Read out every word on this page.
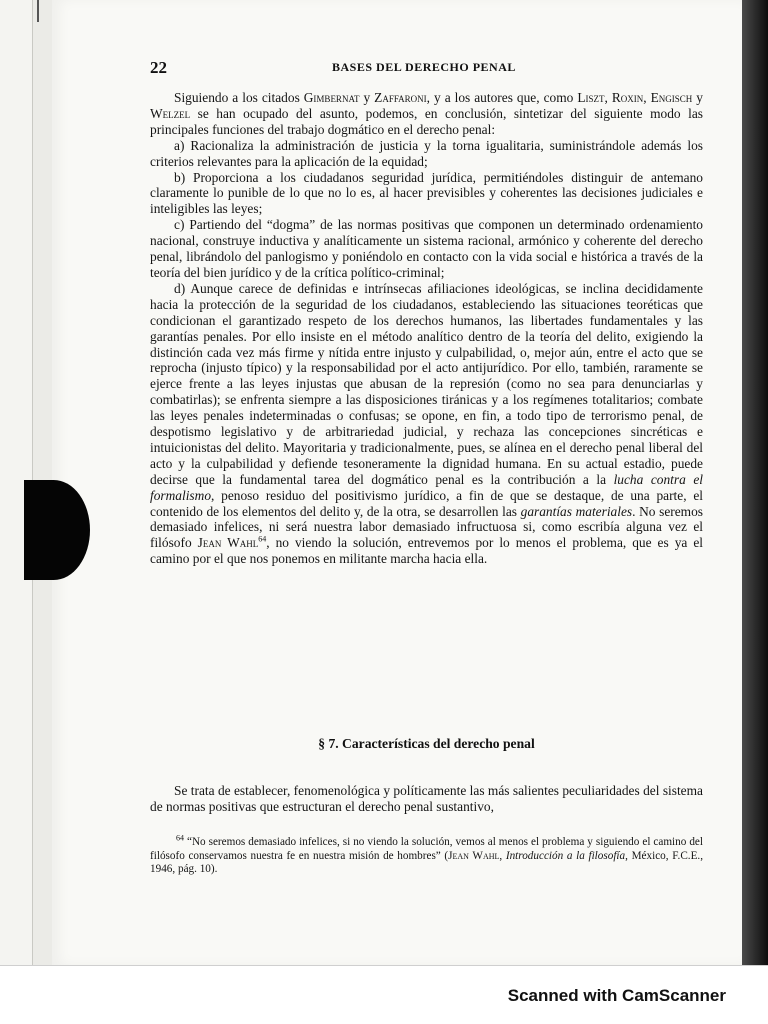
22	BASES DEL DERECHO PENAL

Siguiendo a los citados Gimbernat y Zaffaroni, y a los autores que, como Liszt, Roxin, Engisch y Welzel se han ocupado del asunto, podemos, en conclusión, sintetizar del siguiente modo las principales funciones del trabajo dogmático en el derecho penal:

a) Racionaliza la administración de justicia y la torna igualitaria, suministrándole además los criterios relevantes para la aplicación de la equidad;

b) Proporciona a los ciudadanos seguridad jurídica, permitiéndoles distinguir de antemano claramente lo punible de lo que no lo es, al hacer previsibles y coherentes las decisiones judiciales e inteligibles las leyes;

c) Partiendo del “dogma” de las normas positivas que componen un determinado ordenamiento nacional, construye inductiva y analíticamente un sistema racional, armónico y coherente del derecho penal, librándolo del panlogismo y poniéndolo en contacto con la vida social e histórica a través de la teoría del bien jurídico y de la crítica político-criminal;

d) Aunque carece de definidas e intrínsecas afiliaciones ideológicas, se inclina decididamente hacia la protección de la seguridad de los ciudadanos, estableciendo las situaciones teoréticas que condicionan el garantizado respeto de los derechos humanos, las libertades fundamentales y las garantías penales. Por ello insiste en el método analítico dentro de la teoría del delito, exigiendo la distinción cada vez más firme y nítida entre injusto y culpabilidad, o, mejor aún, entre el acto que se reprocha (injusto típico) y la responsabilidad por el acto antijurídico. Por ello, también, raramente se ejerce frente a las leyes injustas que abusan de la represión (como no sea para denunciarlas y combatirlas); se enfrenta siempre a las disposiciones tiránicas y a los regímenes totalitarios; combate las leyes penales indeterminadas o confusas; se opone, en fin, a todo tipo de terrorismo penal, de despotismo legislativo y de arbitrariedad judicial, y rechaza las concepciones sincréticas e intuicionistas del delito. Mayoritaria y tradicionalmente, pues, se alínea en el derecho penal liberal del acto y la culpabilidad y defiende tesoneramente la dignidad humana. En su actual estadio, puede decirse que la fundamental tarea del dogmático penal es la contribución a la lucha contra el formalismo, penoso residuo del positivismo jurídico, a fin de que se destaque, de una parte, el contenido de los elementos del delito y, de la otra, se desarrollen las garantías materiales. No seremos demasiado infelices, ni será nuestra labor demasiado infructuosa si, como escribía alguna vez el filósofo Jean Wahl$^{64}$, no viendo la solución, entrevemos por lo menos el problema, que es ya el camino por el que nos ponemos en militante marcha hacia ella.

§ 7. Características del derecho penal

Se trata de establecer, fenomenológica y políticamente las más salientes peculiaridades del sistema de normas positivas que estructuran el derecho penal sustantivo,

$^{64}$ “No seremos demasiado infelices, si no viendo la solución, vemos al menos el problema y siguiendo el camino del filósofo conservamos nuestra fe en nuestra misión de hombres” (Jean Wahl, Introducción a la filosofía, México, F.C.E., 1946, pág. 10).

Scanned with CamScanner
